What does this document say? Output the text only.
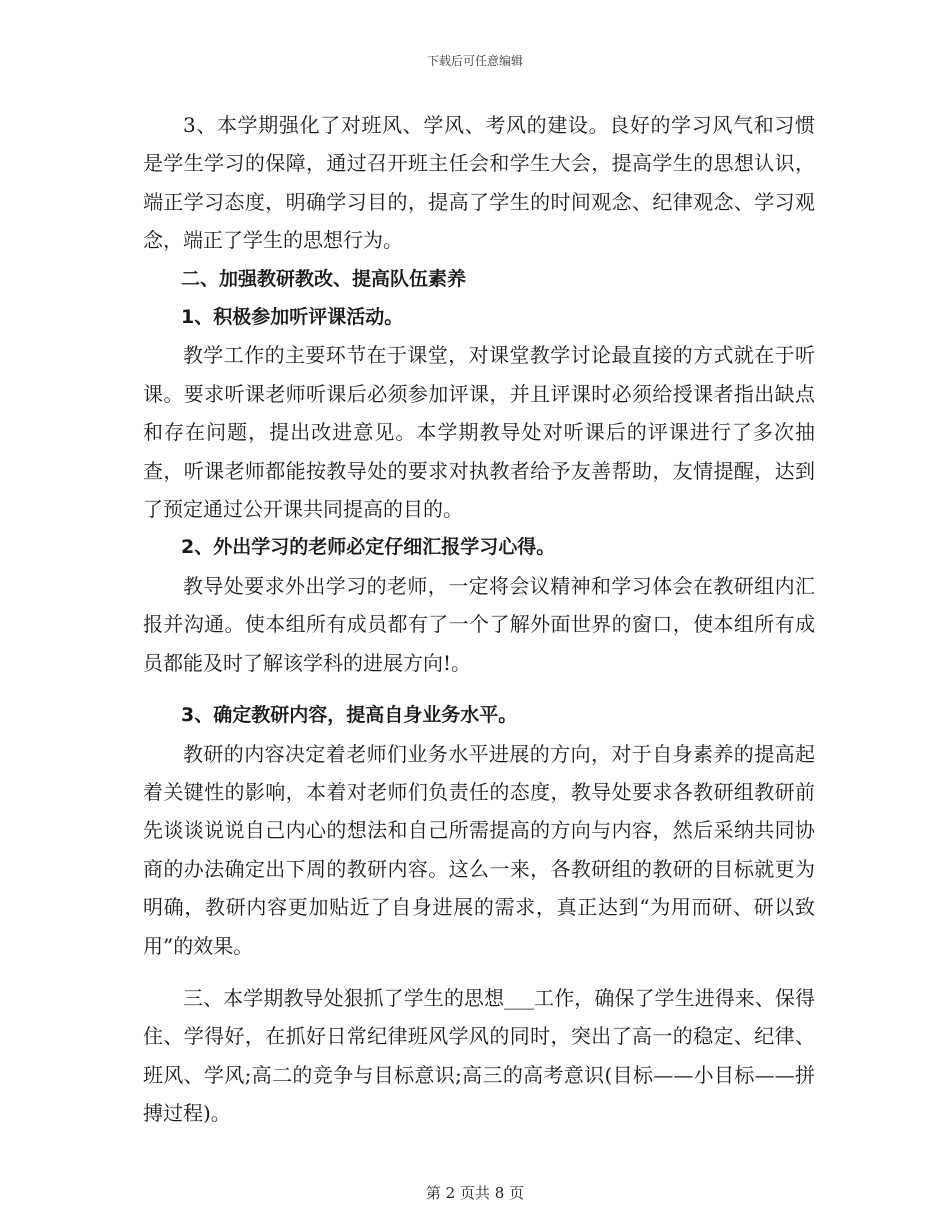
下载后可任意编辑

3、本学期强化了对班风、学风、考风的建设。良好的学习风气和习惯是学生学习的保障，通过召开班主任会和学生大会，提高学生的思想认识，端正学习态度，明确学习目的，提高了学生的时间观念、纪律观念、学习观念，端正了学生的思想行为。

二、加强教研教改、提高队伍素养
1、积极参加听评课活动。

教学工作的主要环节在于课堂，对课堂教学讨论最直接的方式就在于听课。要求听课老师听课后必须参加评课，并且评课时必须给授课者指出缺点和存在问题，提出改进意见。本学期教导处对听课后的评课进行了多次抽查，听课老师都能按教导处的要求对执教者给予友善帮助，友情提醒，达到了预定通过公开课共同提高的目的。

2、外出学习的老师必定仔细汇报学习心得。

教导处要求外出学习的老师，一定将会议精神和学习体会在教研组内汇报并沟通。使本组所有成员都有了一个了解外面世界的窗口，使本组所有成员都能及时了解该学科的进展方向!。

3、确定教研内容，提高自身业务水平。

教研的内容决定着老师们业务水平进展的方向，对于自身素养的提高起着关键性的影响，本着对老师们负责任的态度，教导处要求各教研组教研前先谈谈说说自己内心的想法和自己所需提高的方向与内容，然后采纳共同协商的办法确定出下周的教研内容。这么一来，各教研组的教研的目标就更为明确，教研内容更加贴近了自身进展的需求，真正达到“为用而研、研以致用”的效果。

三、本学期教导处狠抓了学生的思想___工作，确保了学生进得来、保得住、学得好，在抓好日常纪律班风学风的同时，突出了高一的稳定、纪律、班风、学风;高二的竞争与目标意识;高三的高考意识(目标——小目标——拼搏过程)。

第 2 页共 8 页
